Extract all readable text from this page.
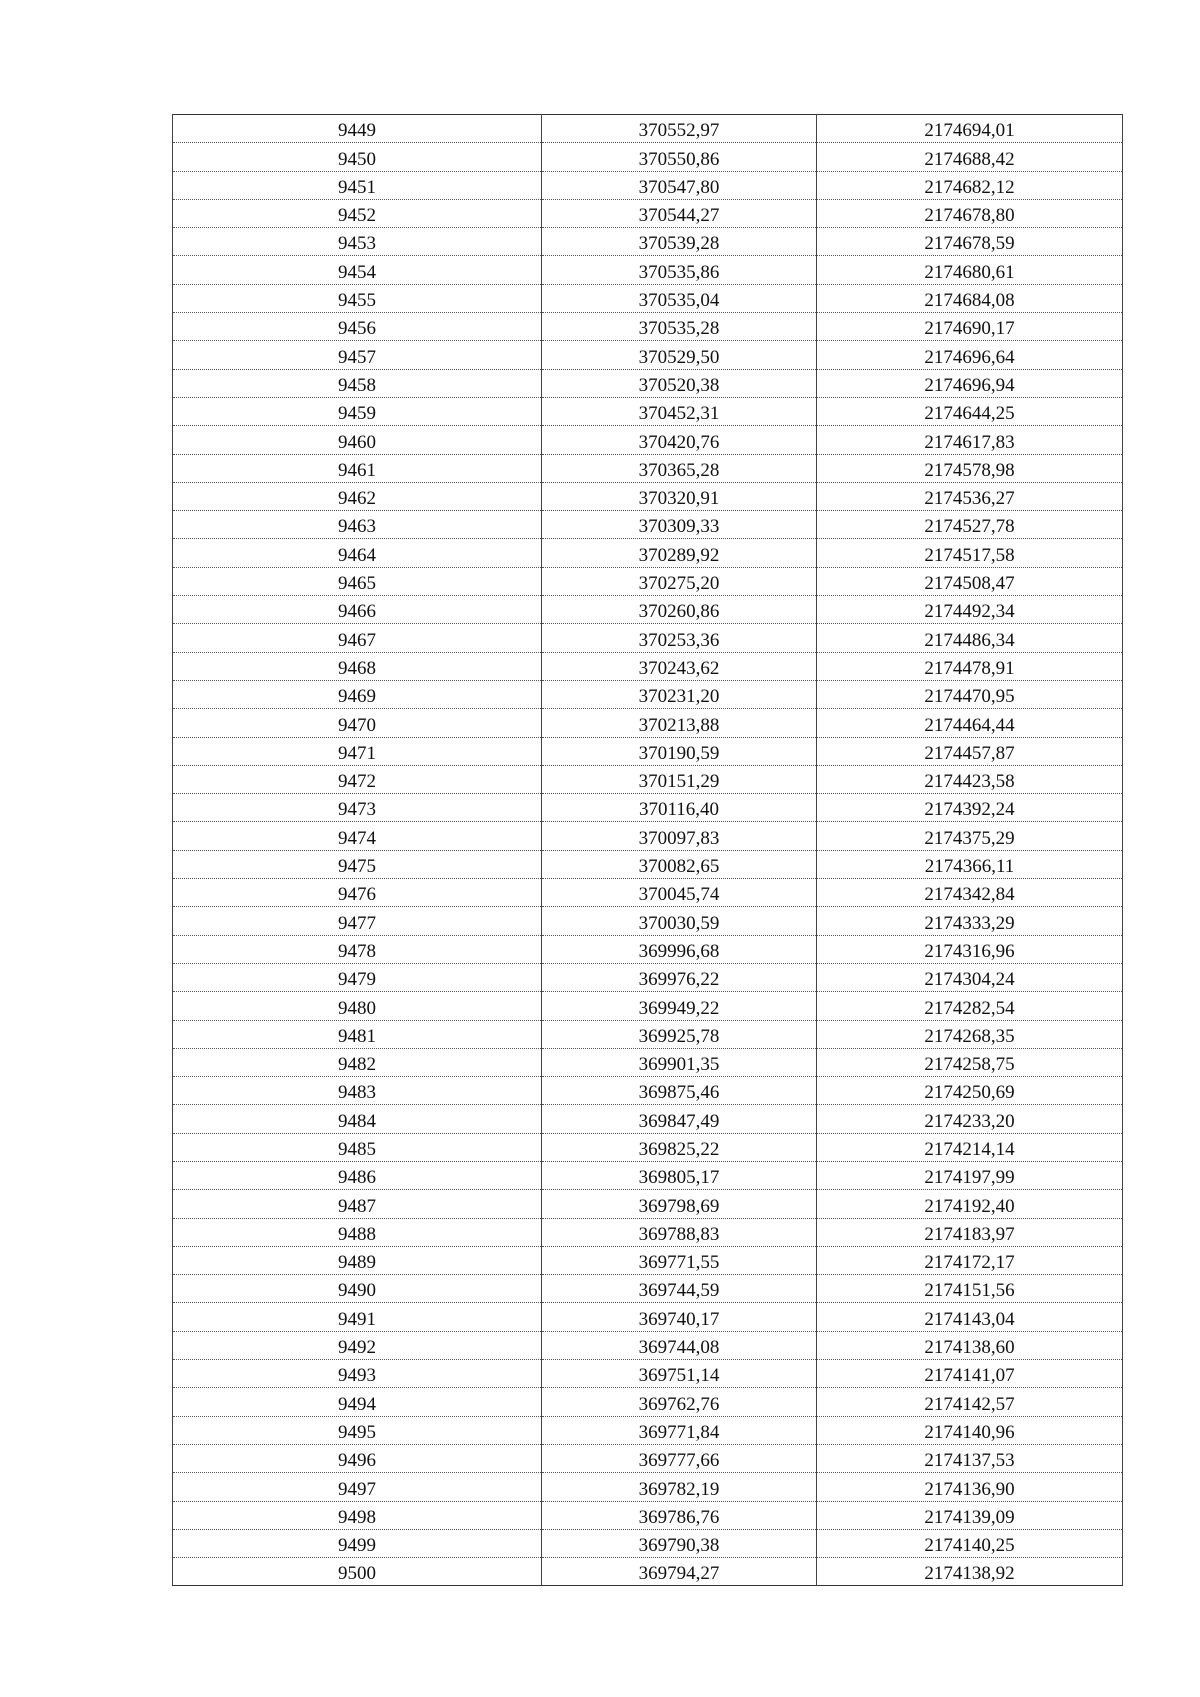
9449	370552,97	2174694,01
9450	370550,86	2174688,42
9451	370547,80	2174682,12
9452	370544,27	2174678,80
9453	370539,28	2174678,59
9454	370535,86	2174680,61
9455	370535,04	2174684,08
9456	370535,28	2174690,17
9457	370529,50	2174696,64
9458	370520,38	2174696,94
9459	370452,31	2174644,25
9460	370420,76	2174617,83
9461	370365,28	2174578,98
9462	370320,91	2174536,27
9463	370309,33	2174527,78
9464	370289,92	2174517,58
9465	370275,20	2174508,47
9466	370260,86	2174492,34
9467	370253,36	2174486,34
9468	370243,62	2174478,91
9469	370231,20	2174470,95
9470	370213,88	2174464,44
9471	370190,59	2174457,87
9472	370151,29	2174423,58
9473	370116,40	2174392,24
9474	370097,83	2174375,29
9475	370082,65	2174366,11
9476	370045,74	2174342,84
9477	370030,59	2174333,29
9478	369996,68	2174316,96
9479	369976,22	2174304,24
9480	369949,22	2174282,54
9481	369925,78	2174268,35
9482	369901,35	2174258,75
9483	369875,46	2174250,69
9484	369847,49	2174233,20
9485	369825,22	2174214,14
9486	369805,17	2174197,99
9487	369798,69	2174192,40
9488	369788,83	2174183,97
9489	369771,55	2174172,17
9490	369744,59	2174151,56
9491	369740,17	2174143,04
9492	369744,08	2174138,60
9493	369751,14	2174141,07
9494	369762,76	2174142,57
9495	369771,84	2174140,96
9496	369777,66	2174137,53
9497	369782,19	2174136,90
9498	369786,76	2174139,09
9499	369790,38	2174140,25
9500	369794,27	2174138,92
